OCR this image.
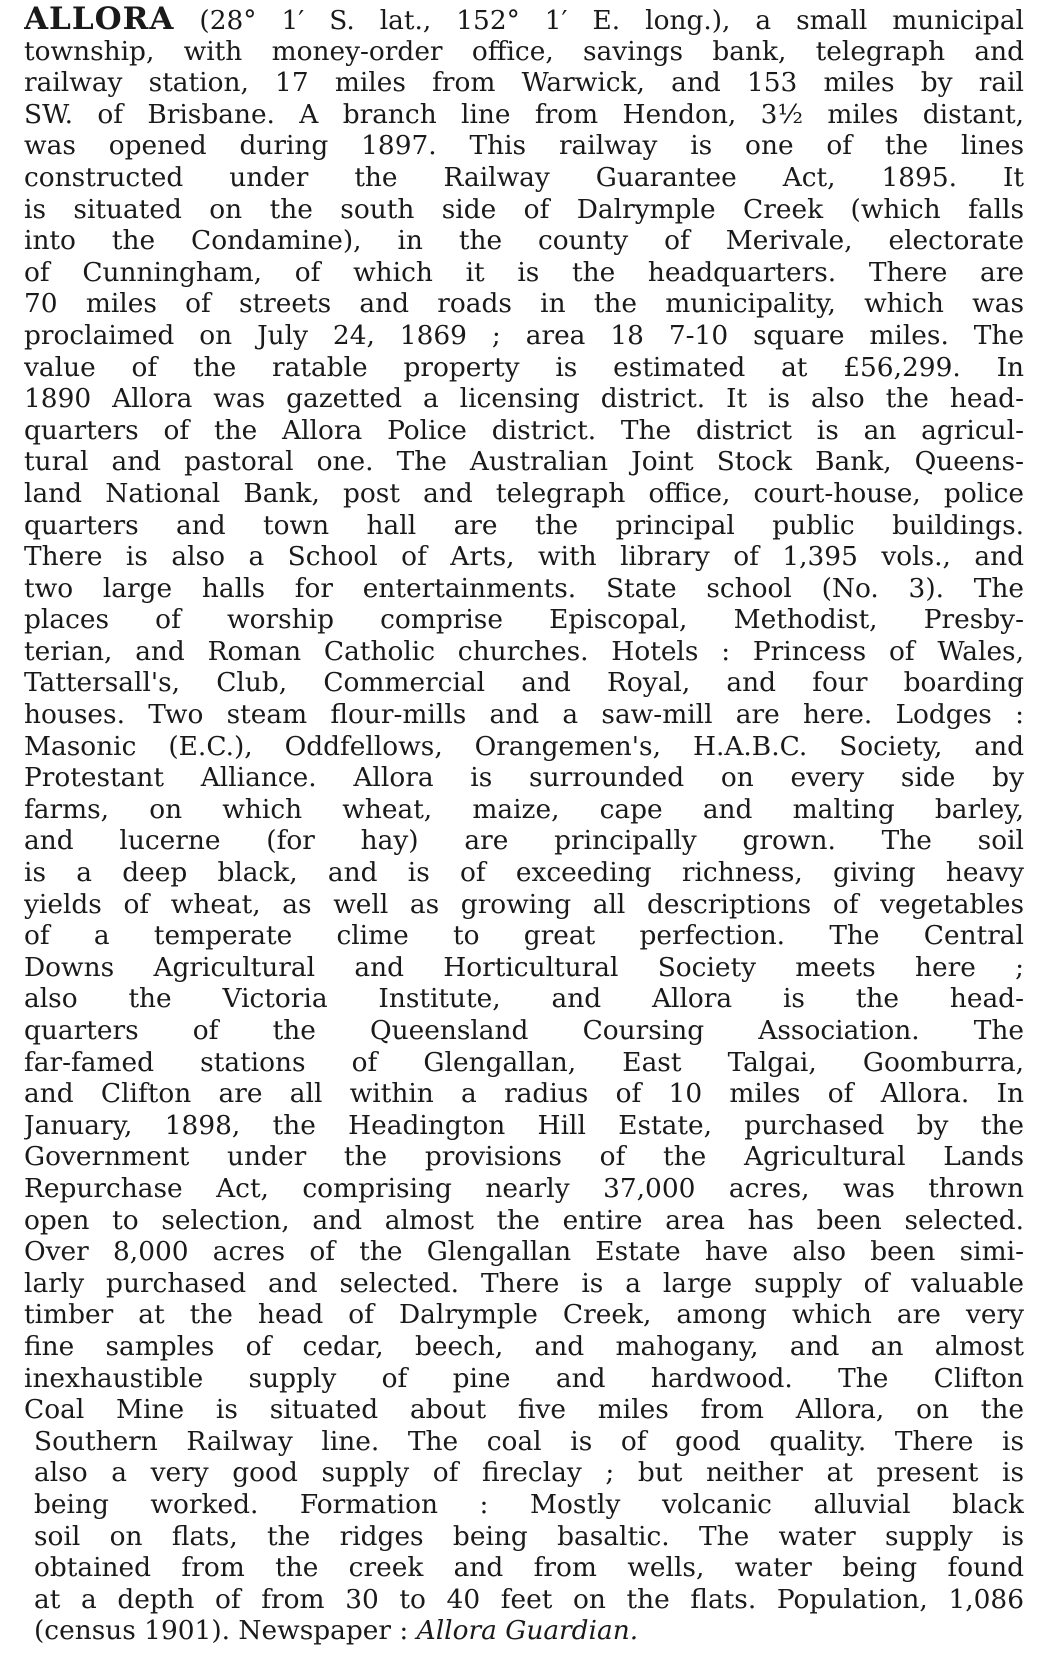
ALLORA (28° 1′ S. lat., 152° 1′ E. long.), a small municipal
township, with money-order office, savings bank, telegraph and
railway station, 17 miles from Warwick, and 153 miles by rail
SW. of Brisbane. A branch line from Hendon, 3½ miles distant,
was opened during 1897. This railway is one of the lines
constructed under the Railway Guarantee Act, 1895. It
is situated on the south side of Dalrymple Creek (which falls
into the Condamine), in the county of Merivale, electorate
of Cunningham, of which it is the headquarters. There are
70 miles of streets and roads in the municipality, which was
proclaimed on July 24, 1869 ; area 18 7-10 square miles. The
value of the ratable property is estimated at £56,299. In
1890 Allora was gazetted a licensing district. It is also the head-
quarters of the Allora Police district. The district is an agricul-
tural and pastoral one. The Australian Joint Stock Bank, Queens-
land National Bank, post and telegraph office, court-house, police
quarters and town hall are the principal public buildings.
There is also a School of Arts, with library of 1,395 vols., and
two large halls for entertainments. State school (No. 3). The
places of worship comprise Episcopal, Methodist, Presby-
terian, and Roman Catholic churches. Hotels : Princess of Wales,
Tattersall's, Club, Commercial and Royal, and four boarding
houses. Two steam flour-mills and a saw-mill are here. Lodges :
Masonic (E.C.), Oddfellows, Orangemen's, H.A.B.C. Society, and
Protestant Alliance. Allora is surrounded on every side by
farms, on which wheat, maize, cape and malting barley,
and lucerne (for hay) are principally grown. The soil
is a deep black, and is of exceeding richness, giving heavy
yields of wheat, as well as growing all descriptions of vegetables
of a temperate clime to great perfection. The Central
Downs Agricultural and Horticultural Society meets here ;
also the Victoria Institute, and Allora is the head-
quarters of the Queensland Coursing Association. The
far-famed stations of Glengallan, East Talgai, Goomburra,
and Clifton are all within a radius of 10 miles of Allora. In
January, 1898, the Headington Hill Estate, purchased by the
Government under the provisions of the Agricultural Lands
Repurchase Act, comprising nearly 37,000 acres, was thrown
open to selection, and almost the entire area has been selected.
Over 8,000 acres of the Glengallan Estate have also been simi-
larly purchased and selected. There is a large supply of valuable
timber at the head of Dalrymple Creek, among which are very
fine samples of cedar, beech, and mahogany, and an almost
inexhaustible supply of pine and hardwood. The Clifton
Coal Mine is situated about five miles from Allora, on the
Southern Railway line. The coal is of good quality. There is
also a very good supply of fireclay ; but neither at present is
being worked. Formation : Mostly volcanic alluvial black
soil on flats, the ridges being basaltic. The water supply is
obtained from the creek and from wells, water being found
at a depth of from 30 to 40 feet on the flats. Population, 1,086
(census 1901). Newspaper : Allora Guardian.
